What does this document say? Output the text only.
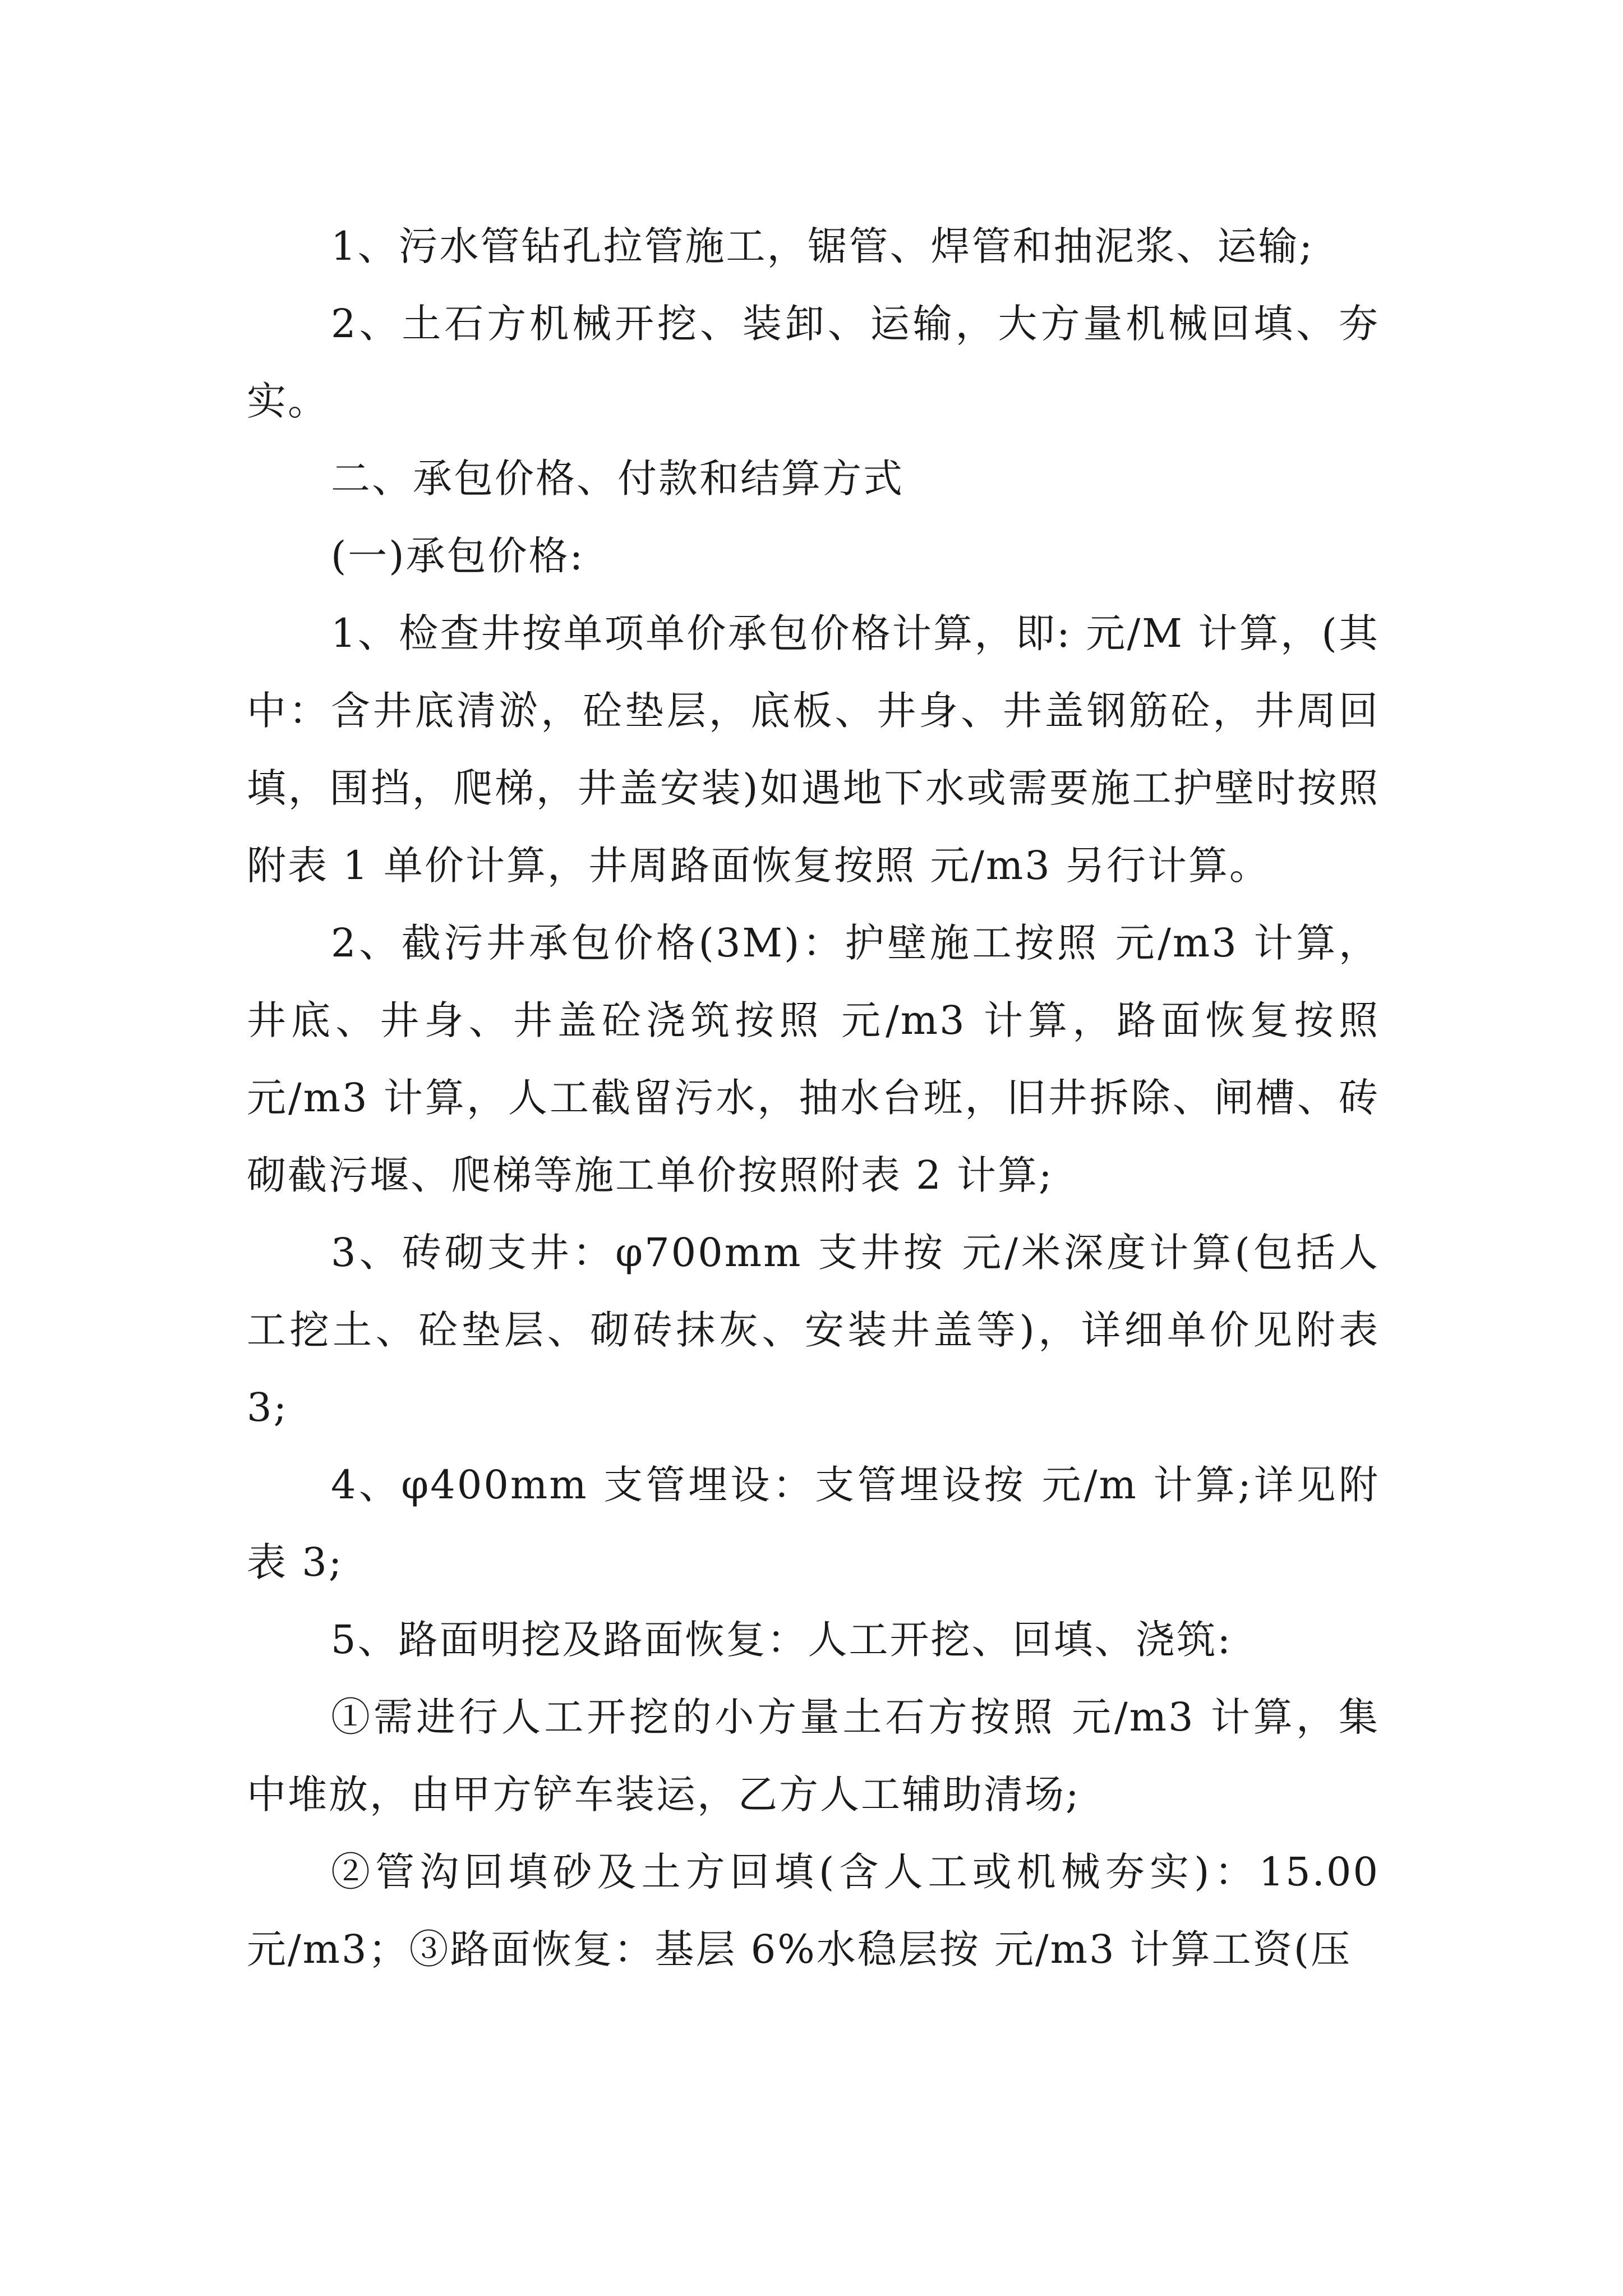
1、污水管钻孔拉管施工，锯管、焊管和抽泥浆、运输;

2、土石方机械开挖、装卸、运输，大方量机械回填、夯实。

二、承包价格、付款和结算方式

(一)承包价格:

1、检查井按单项单价承包价格计算，即: 元/M 计算，(其中：含井底清淤，砼垫层，底板、井身、井盖钢筋砼，井周回填，围挡，爬梯，井盖安装)如遇地下水或需要施工护壁时按照附表 1 单价计算，井周路面恢复按照 元/m3 另行计算。

2、截污井承包价格(3M)：护壁施工按照 元/m3 计算，井底、井身、井盖砼浇筑按照 元/m3 计算，路面恢复按照 元/m3 计算，人工截留污水，抽水台班，旧井拆除、闸槽、砖砌截污堰、爬梯等施工单价按照附表 2 计算;

3、砖砌支井：φ700mm 支井按 元/米深度计算(包括人工挖土、砼垫层、砌砖抹灰、安装井盖等)，详细单价见附表 3;

4、φ400mm 支管埋设：支管埋设按 元/m 计算;详见附表 3;

5、路面明挖及路面恢复：人工开挖、回填、浇筑:

①需进行人工开挖的小方量土石方按照 元/m3 计算，集中堆放，由甲方铲车装运，乙方人工辅助清场;

②管沟回填砂及土方回填(含人工或机械夯实)：15.00 元/m3；③路面恢复：基层 6%水稳层按 元/m3 计算工资(压
